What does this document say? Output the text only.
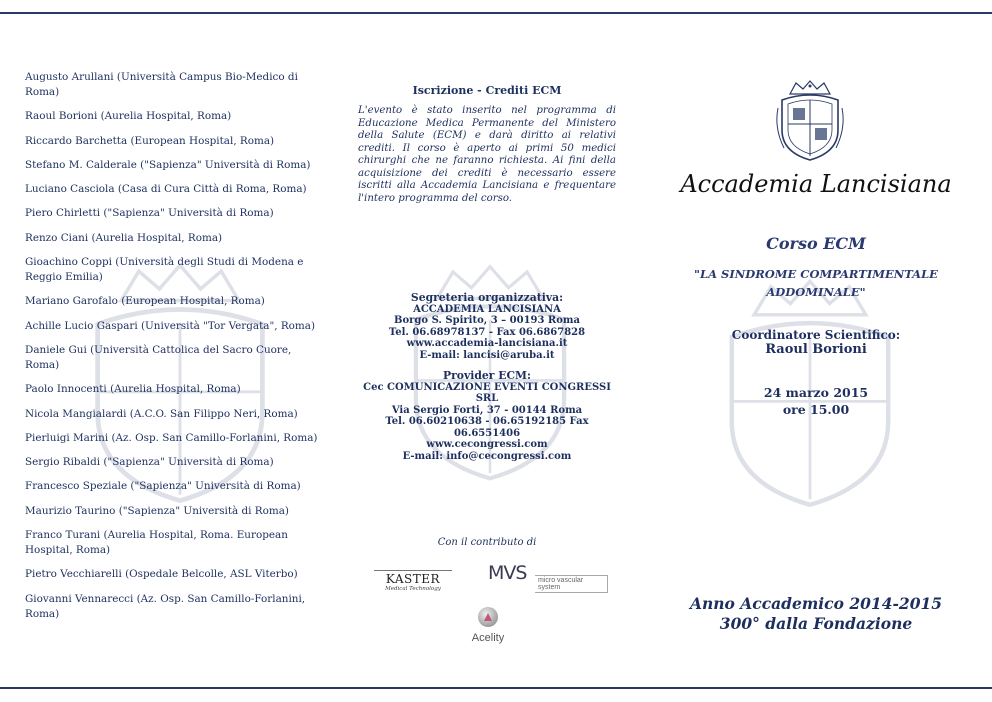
Augusto Arullani (Università Campus Bio-Medico di Roma)
Raoul Borioni (Aurelia Hospital, Roma)
Riccardo Barchetta (European Hospital, Roma)
Stefano M. Calderale ("Sapienza" Università di Roma)
Luciano Casciola (Casa di Cura Città di Roma, Roma)
Piero Chirletti ("Sapienza" Università di Roma)
Renzo Ciani (Aurelia Hospital, Roma)
Gioachino Coppi (Università degli Studi di Modena e Reggio Emilia)
Mariano Garofalo (European Hospital, Roma)
Achille Lucio Gaspari (Università "Tor Vergata", Roma)
Daniele Gui (Università Cattolica del Sacro Cuore, Roma)
Paolo Innocenti (Aurelia Hospital, Roma)
Nicola Mangialardi (A.C.O. San Filippo Neri, Roma)
Pierluigi Marini (Az. Osp. San Camillo-Forlanini, Roma)
Sergio Ribaldi ("Sapienza" Università di Roma)
Francesco Speziale ("Sapienza" Università di Roma)
Maurizio Taurino ("Sapienza" Università di Roma)
Franco Turani (Aurelia Hospital, Roma. European Hospital, Roma)
Pietro Vecchiarelli (Ospedale Belcolle, ASL Viterbo)
Giovanni Vennarecci (Az. Osp. San Camillo-Forlanini, Roma)
Iscrizione - Crediti ECM

L'evento è stato inserito nel programma di Educazione Medica Permanente del Ministero della Salute (ECM) e darà diritto ai relativi crediti. Il corso è aperto ai primi 50 medici chirurghi che ne faranno richiesta. Ai fini della acquisizione dei crediti è necessario essere iscritti alla Accademia Lancisiana e frequentare l'intero programma del corso.

Segreteria organizzativa:
ACCADEMIA LANCISIANA
Borgo S. Spirito, 3 – 00193 Roma
Tel. 06.68978137 - Fax 06.6867828
www.accademia-lancisiana.it
E-mail: lancisi@aruba.it
Provider ECM:
Cec COMUNICAZIONE EVENTI CONGRESSI SRL
Via Sergio Forti, 37 - 00144 Roma
Tel. 06.60210638 - 06.65192185 Fax 06.6551406
www.cecongressi.com
E-mail: info@cecongressi.com
Con il contributo di
KASTER
Medical Technology
MVS	micro vascular system
Acelity
Accademia Lancisiana
Corso ECM
"LA SINDROME COMPARTIMENTALE
ADDOMINALE"
Coordinatore Scientifico:
Raoul Borioni
24 marzo 2015
ore 15.00
Anno Accademico 2014-2015
300° dalla Fondazione
